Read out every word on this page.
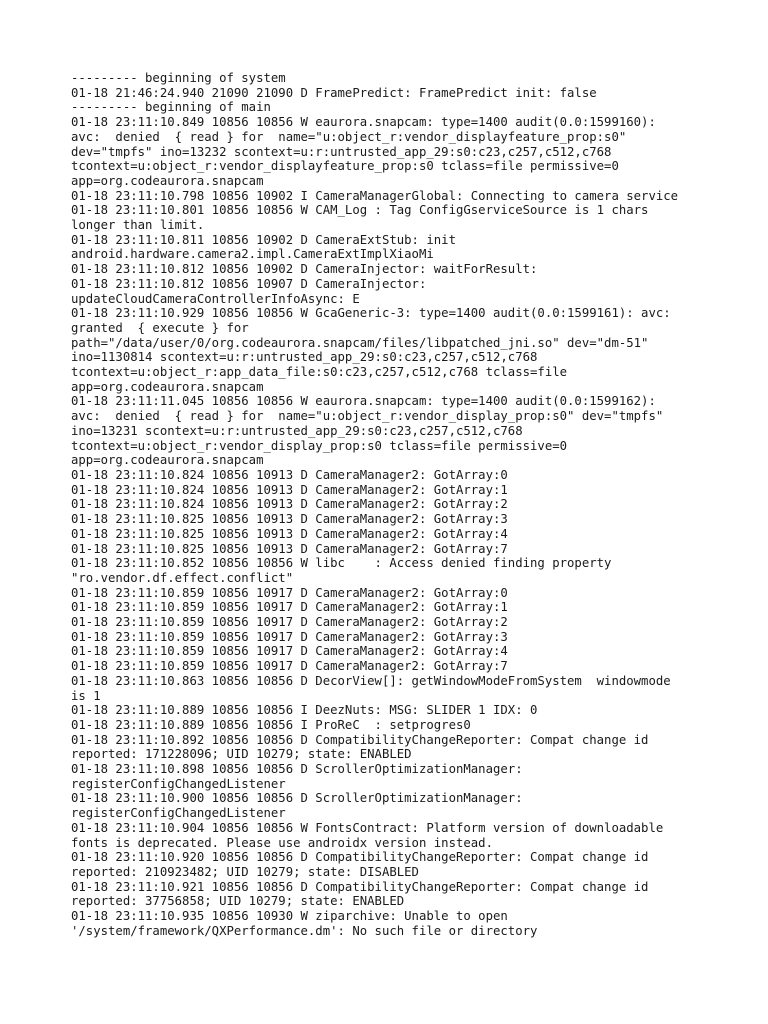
--------- beginning of system
01-18 21:46:24.940 21090 21090 D FramePredict: FramePredict init: false
--------- beginning of main
01-18 23:11:10.849 10856 10856 W eaurora.snapcam: type=1400 audit(0.0:1599160):
avc:  denied  { read } for  name="u:object_r:vendor_displayfeature_prop:s0"
dev="tmpfs" ino=13232 scontext=u:r:untrusted_app_29:s0:c23,c257,c512,c768
tcontext=u:object_r:vendor_displayfeature_prop:s0 tclass=file permissive=0
app=org.codeaurora.snapcam
01-18 23:11:10.798 10856 10902 I CameraManagerGlobal: Connecting to camera service
01-18 23:11:10.801 10856 10856 W CAM_Log : Tag ConfigGserviceSource is 1 chars
longer than limit.
01-18 23:11:10.811 10856 10902 D CameraExtStub: init
android.hardware.camera2.impl.CameraExtImplXiaoMi
01-18 23:11:10.812 10856 10902 D CameraInjector: waitForResult:
01-18 23:11:10.812 10856 10907 D CameraInjector:
updateCloudCameraControllerInfoAsync: E
01-18 23:11:10.929 10856 10856 W GcaGeneric-3: type=1400 audit(0.0:1599161): avc:
granted  { execute } for
path="/data/user/0/org.codeaurora.snapcam/files/libpatched_jni.so" dev="dm-51"
ino=1130814 scontext=u:r:untrusted_app_29:s0:c23,c257,c512,c768
tcontext=u:object_r:app_data_file:s0:c23,c257,c512,c768 tclass=file
app=org.codeaurora.snapcam
01-18 23:11:11.045 10856 10856 W eaurora.snapcam: type=1400 audit(0.0:1599162):
avc:  denied  { read } for  name="u:object_r:vendor_display_prop:s0" dev="tmpfs"
ino=13231 scontext=u:r:untrusted_app_29:s0:c23,c257,c512,c768
tcontext=u:object_r:vendor_display_prop:s0 tclass=file permissive=0
app=org.codeaurora.snapcam
01-18 23:11:10.824 10856 10913 D CameraManager2: GotArray:0
01-18 23:11:10.824 10856 10913 D CameraManager2: GotArray:1
01-18 23:11:10.824 10856 10913 D CameraManager2: GotArray:2
01-18 23:11:10.825 10856 10913 D CameraManager2: GotArray:3
01-18 23:11:10.825 10856 10913 D CameraManager2: GotArray:4
01-18 23:11:10.825 10856 10913 D CameraManager2: GotArray:7
01-18 23:11:10.852 10856 10856 W libc    : Access denied finding property
"ro.vendor.df.effect.conflict"
01-18 23:11:10.859 10856 10917 D CameraManager2: GotArray:0
01-18 23:11:10.859 10856 10917 D CameraManager2: GotArray:1
01-18 23:11:10.859 10856 10917 D CameraManager2: GotArray:2
01-18 23:11:10.859 10856 10917 D CameraManager2: GotArray:3
01-18 23:11:10.859 10856 10917 D CameraManager2: GotArray:4
01-18 23:11:10.859 10856 10917 D CameraManager2: GotArray:7
01-18 23:11:10.863 10856 10856 D DecorView[]: getWindowModeFromSystem  windowmode
is 1
01-18 23:11:10.889 10856 10856 I DeezNuts: MSG: SLIDER 1 IDX: 0
01-18 23:11:10.889 10856 10856 I ProReC  : setprogres0
01-18 23:11:10.892 10856 10856 D CompatibilityChangeReporter: Compat change id
reported: 171228096; UID 10279; state: ENABLED
01-18 23:11:10.898 10856 10856 D ScrollerOptimizationManager:
registerConfigChangedListener
01-18 23:11:10.900 10856 10856 D ScrollerOptimizationManager:
registerConfigChangedListener
01-18 23:11:10.904 10856 10856 W FontsContract: Platform version of downloadable
fonts is deprecated. Please use androidx version instead.
01-18 23:11:10.920 10856 10856 D CompatibilityChangeReporter: Compat change id
reported: 210923482; UID 10279; state: DISABLED
01-18 23:11:10.921 10856 10856 D CompatibilityChangeReporter: Compat change id
reported: 37756858; UID 10279; state: ENABLED
01-18 23:11:10.935 10856 10930 W ziparchive: Unable to open
'/system/framework/QXPerformance.dm': No such file or directory
